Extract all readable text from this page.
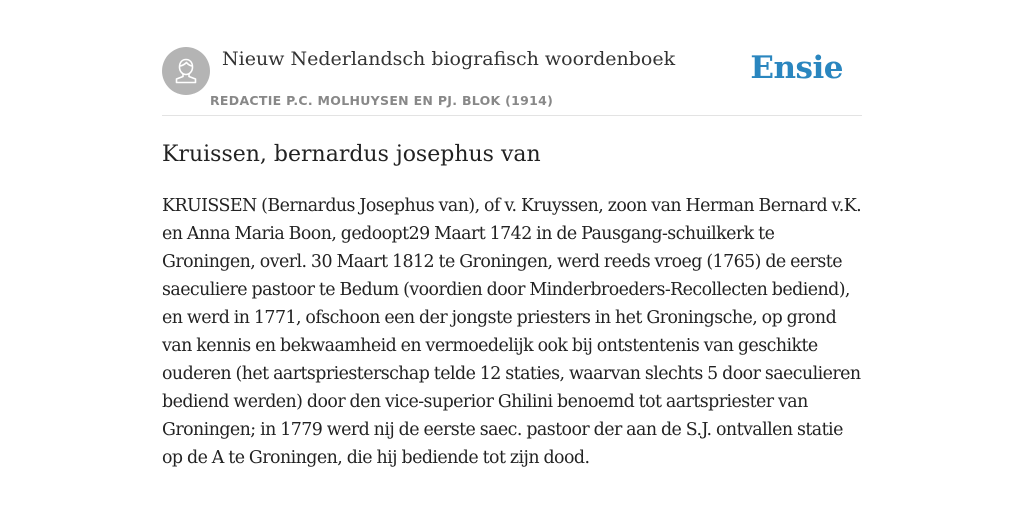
Nieuw Nederlandsch biografisch woordenboek
REDACTIE P.C. MOLHUYSEN EN PJ. BLOK (1914)
Ensie
Kruissen, bernardus josephus van

KRUISSEN (Bernardus Josephus van), of v. Kruyssen, zoon van Herman Bernard v.K. en Anna Maria Boon, gedoopt29 Maart 1742 in de Pausgang-schuilkerk te Groningen, overl. 30 Maart 1812 te Groningen, werd reeds vroeg (1765) de eerste saeculiere pastoor te Bedum (voordien door Minderbroeders-Recollecten bediend), en werd in 1771, ofschoon een der jongste priesters in het Groningsche, op grond van kennis en bekwaamheid en vermoedelijk ook bij ontstentenis van geschikte ouderen (het aartspriesterschap telde 12 staties, waarvan slechts 5 door saeculieren bediend werden) door den vice-superior Ghilini benoemd tot aartspriester van Groningen; in 1779 werd nij de eerste saec. pastoor der aan de S.J. ontvallen statie op de A te Groningen, die hij bediende tot zijn dood.
